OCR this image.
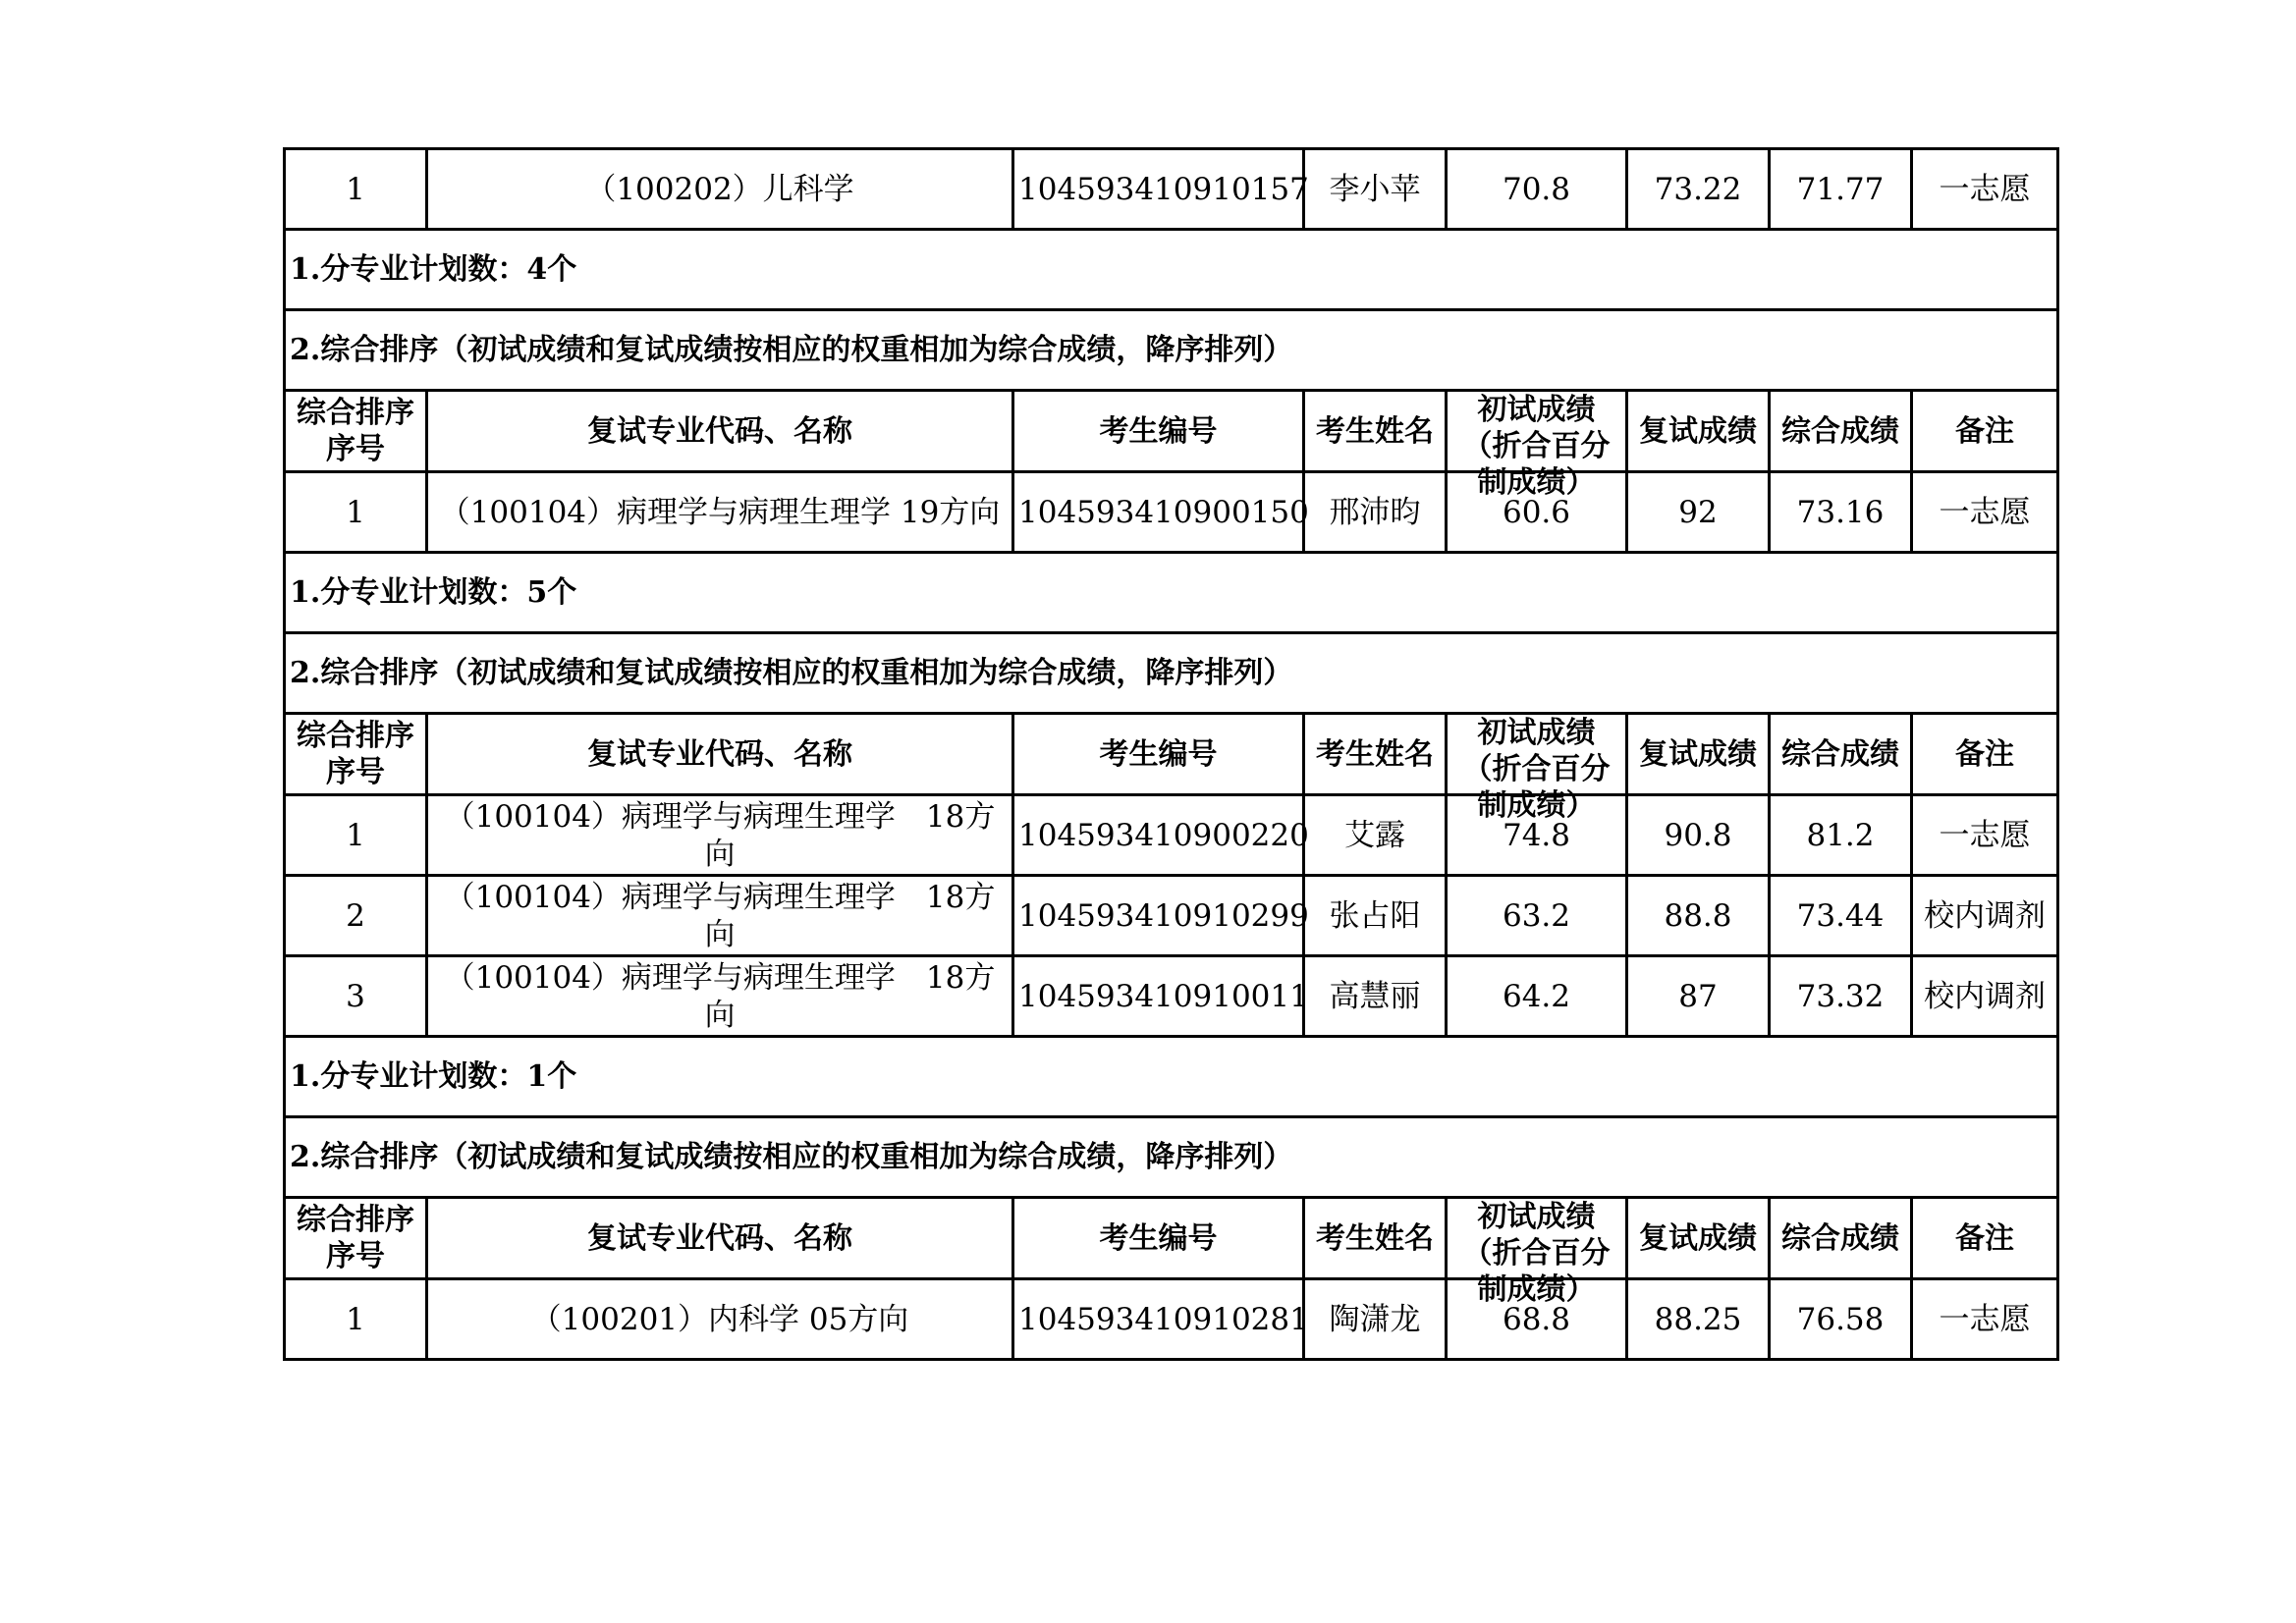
1	（100202）儿科学	104593410910157	李小苹	70.8	73.22	71.77	一志愿
1.分专业计划数：4个							
2.综合排序（初试成绩和复试成绩按相应的权重相加为综合成绩，降序排列）							

综合排序序号	复试专业代码、名称	考生编号	考生姓名	初试成绩（折合百分制成绩）	复试成绩	综合成绩	备注

1	（100104）病理学与病理生理学 19方向	104593410900150	邢沛昀	60.6	92	73.16	一志愿
1.分专业计划数：5个							
2.综合排序（初试成绩和复试成绩按相应的权重相加为综合成绩，降序排列）							

综合排序序号	复试专业代码、名称	考生编号	考生姓名	初试成绩（折合百分制成绩）	复试成绩	综合成绩	备注

1	（100104）病理学与病理生理学　18方向	104593410900220	艾露	74.8	90.8	81.2	一志愿
2	（100104）病理学与病理生理学　18方向	104593410910299	张占阳	63.2	88.8	73.44	校内调剂
3	（100104）病理学与病理生理学　18方向	104593410910011	高慧丽	64.2	87	73.32	校内调剂
1.分专业计划数：1个							
2.综合排序（初试成绩和复试成绩按相应的权重相加为综合成绩，降序排列）							

综合排序序号	复试专业代码、名称	考生编号	考生姓名	初试成绩（折合百分制成绩）	复试成绩	综合成绩	备注

1	（100201）内科学 05方向	104593410910281	陶潇龙	68.8	88.25	76.58	一志愿
